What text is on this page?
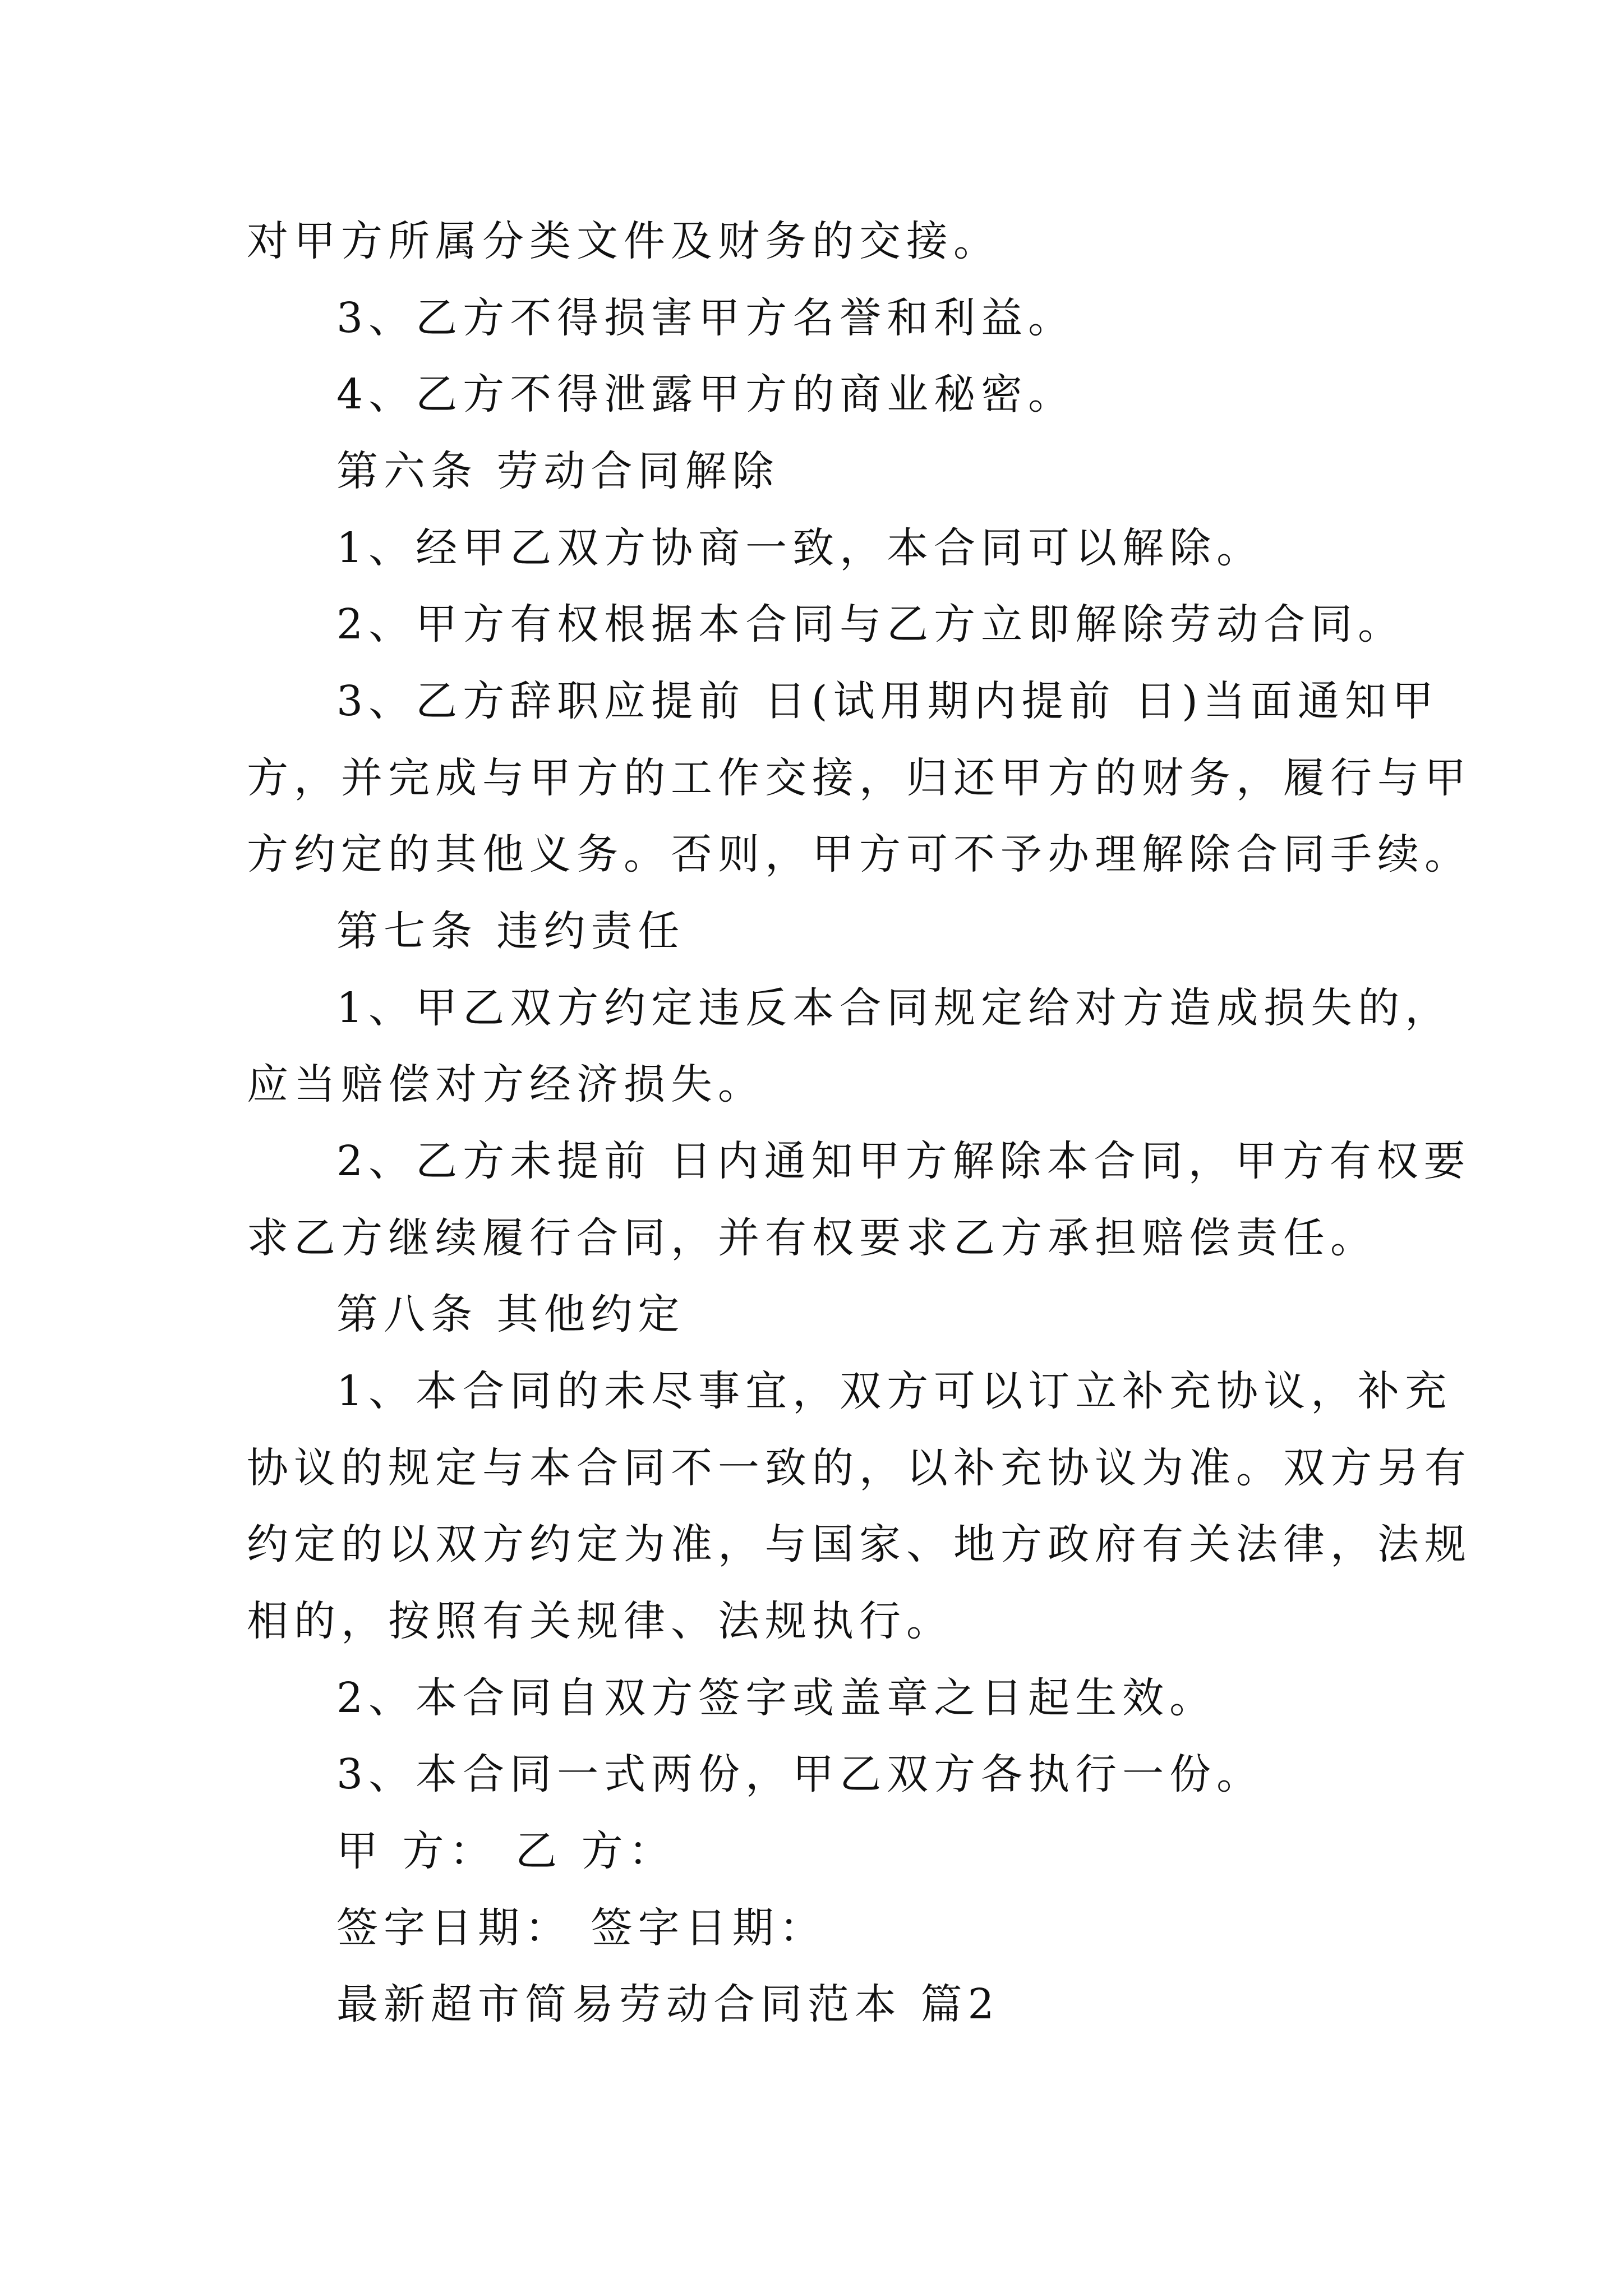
对甲方所属分类文件及财务的交接。
3、乙方不得损害甲方名誉和利益。
4、乙方不得泄露甲方的商业秘密。
第六条 劳动合同解除
1、经甲乙双方协商一致，本合同可以解除。
2、甲方有权根据本合同与乙方立即解除劳动合同。
3、乙方辞职应提前 日(试用期内提前 日)当面通知甲
方，并完成与甲方的工作交接，归还甲方的财务，履行与甲
方约定的其他义务。否则，甲方可不予办理解除合同手续。
第七条 违约责任
1、甲乙双方约定违反本合同规定给对方造成损失的，
应当赔偿对方经济损失。
2、乙方未提前 日内通知甲方解除本合同，甲方有权要
求乙方继续履行合同，并有权要求乙方承担赔偿责任。
第八条 其他约定
1、本合同的未尽事宜，双方可以订立补充协议，补充
协议的规定与本合同不一致的，以补充协议为准。双方另有
约定的以双方约定为准，与国家、地方政府有关法律，法规
相的，按照有关规律、法规执行。
2、本合同自双方签字或盖章之日起生效。
3、本合同一式两份，甲乙双方各执行一份。
甲 方： 乙 方：
签字日期： 签字日期：
最新超市简易劳动合同范本 篇2
